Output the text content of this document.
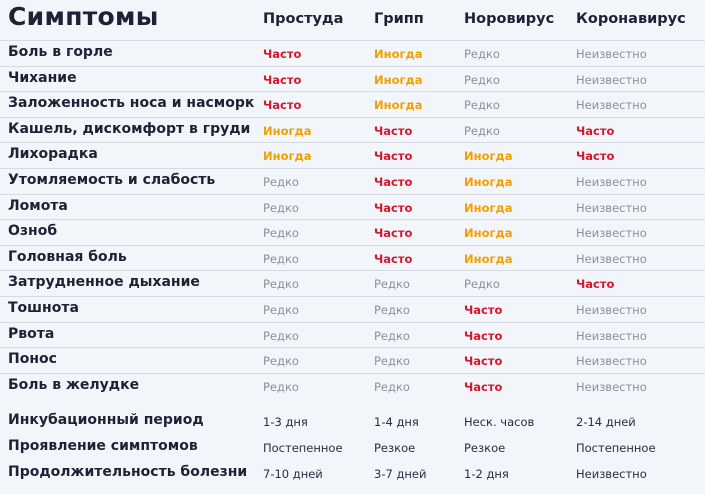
Симптомы	Простуда Грипп	Норовирус Коронавирус
Боль в горле	Часто	Иногда	Редко	Неизвестно
Чихание	Часто	Иногда	Редко	Неизвестно
Заложенность носа и насморк Часто	Иногда	Редко	Неизвестно
Кашель, дискомфорт в груди Иногда	Часто	Редко	Часто
Лихорадка	Иногда	Часто	Иногда	Часто
Утомляемость и слабость	Редко	Часто	Иногда	Неизвестно
Ломота	Редко	Часто	Иногда	Неизвестно
Озноб	Редко	Часто	Иногда	Неизвестно
Головная боль	Редко	Часто	Иногда	Неизвестно
Затрудненное дыхание	Редко	Редко	Редко	Часто
Тошнота	Редко	Редко	Часто	Неизвестно
Рвота	Редко	Редко	Часто	Неизвестно
Понос	Редко	Редко	Часто	Неизвестно
Боль в желудке	Редко	Редко	Часто	Неизвестно
Инкубационный период	1-3 дня	1-4 дня	Неск. часов	2-14 дней
Проявление симптомов	Постепенное	Резкое	Резкое	Постепенное
Продолжительность болезни 7-10 дней	3-7 дней	1-2 дня	Неизвестно
